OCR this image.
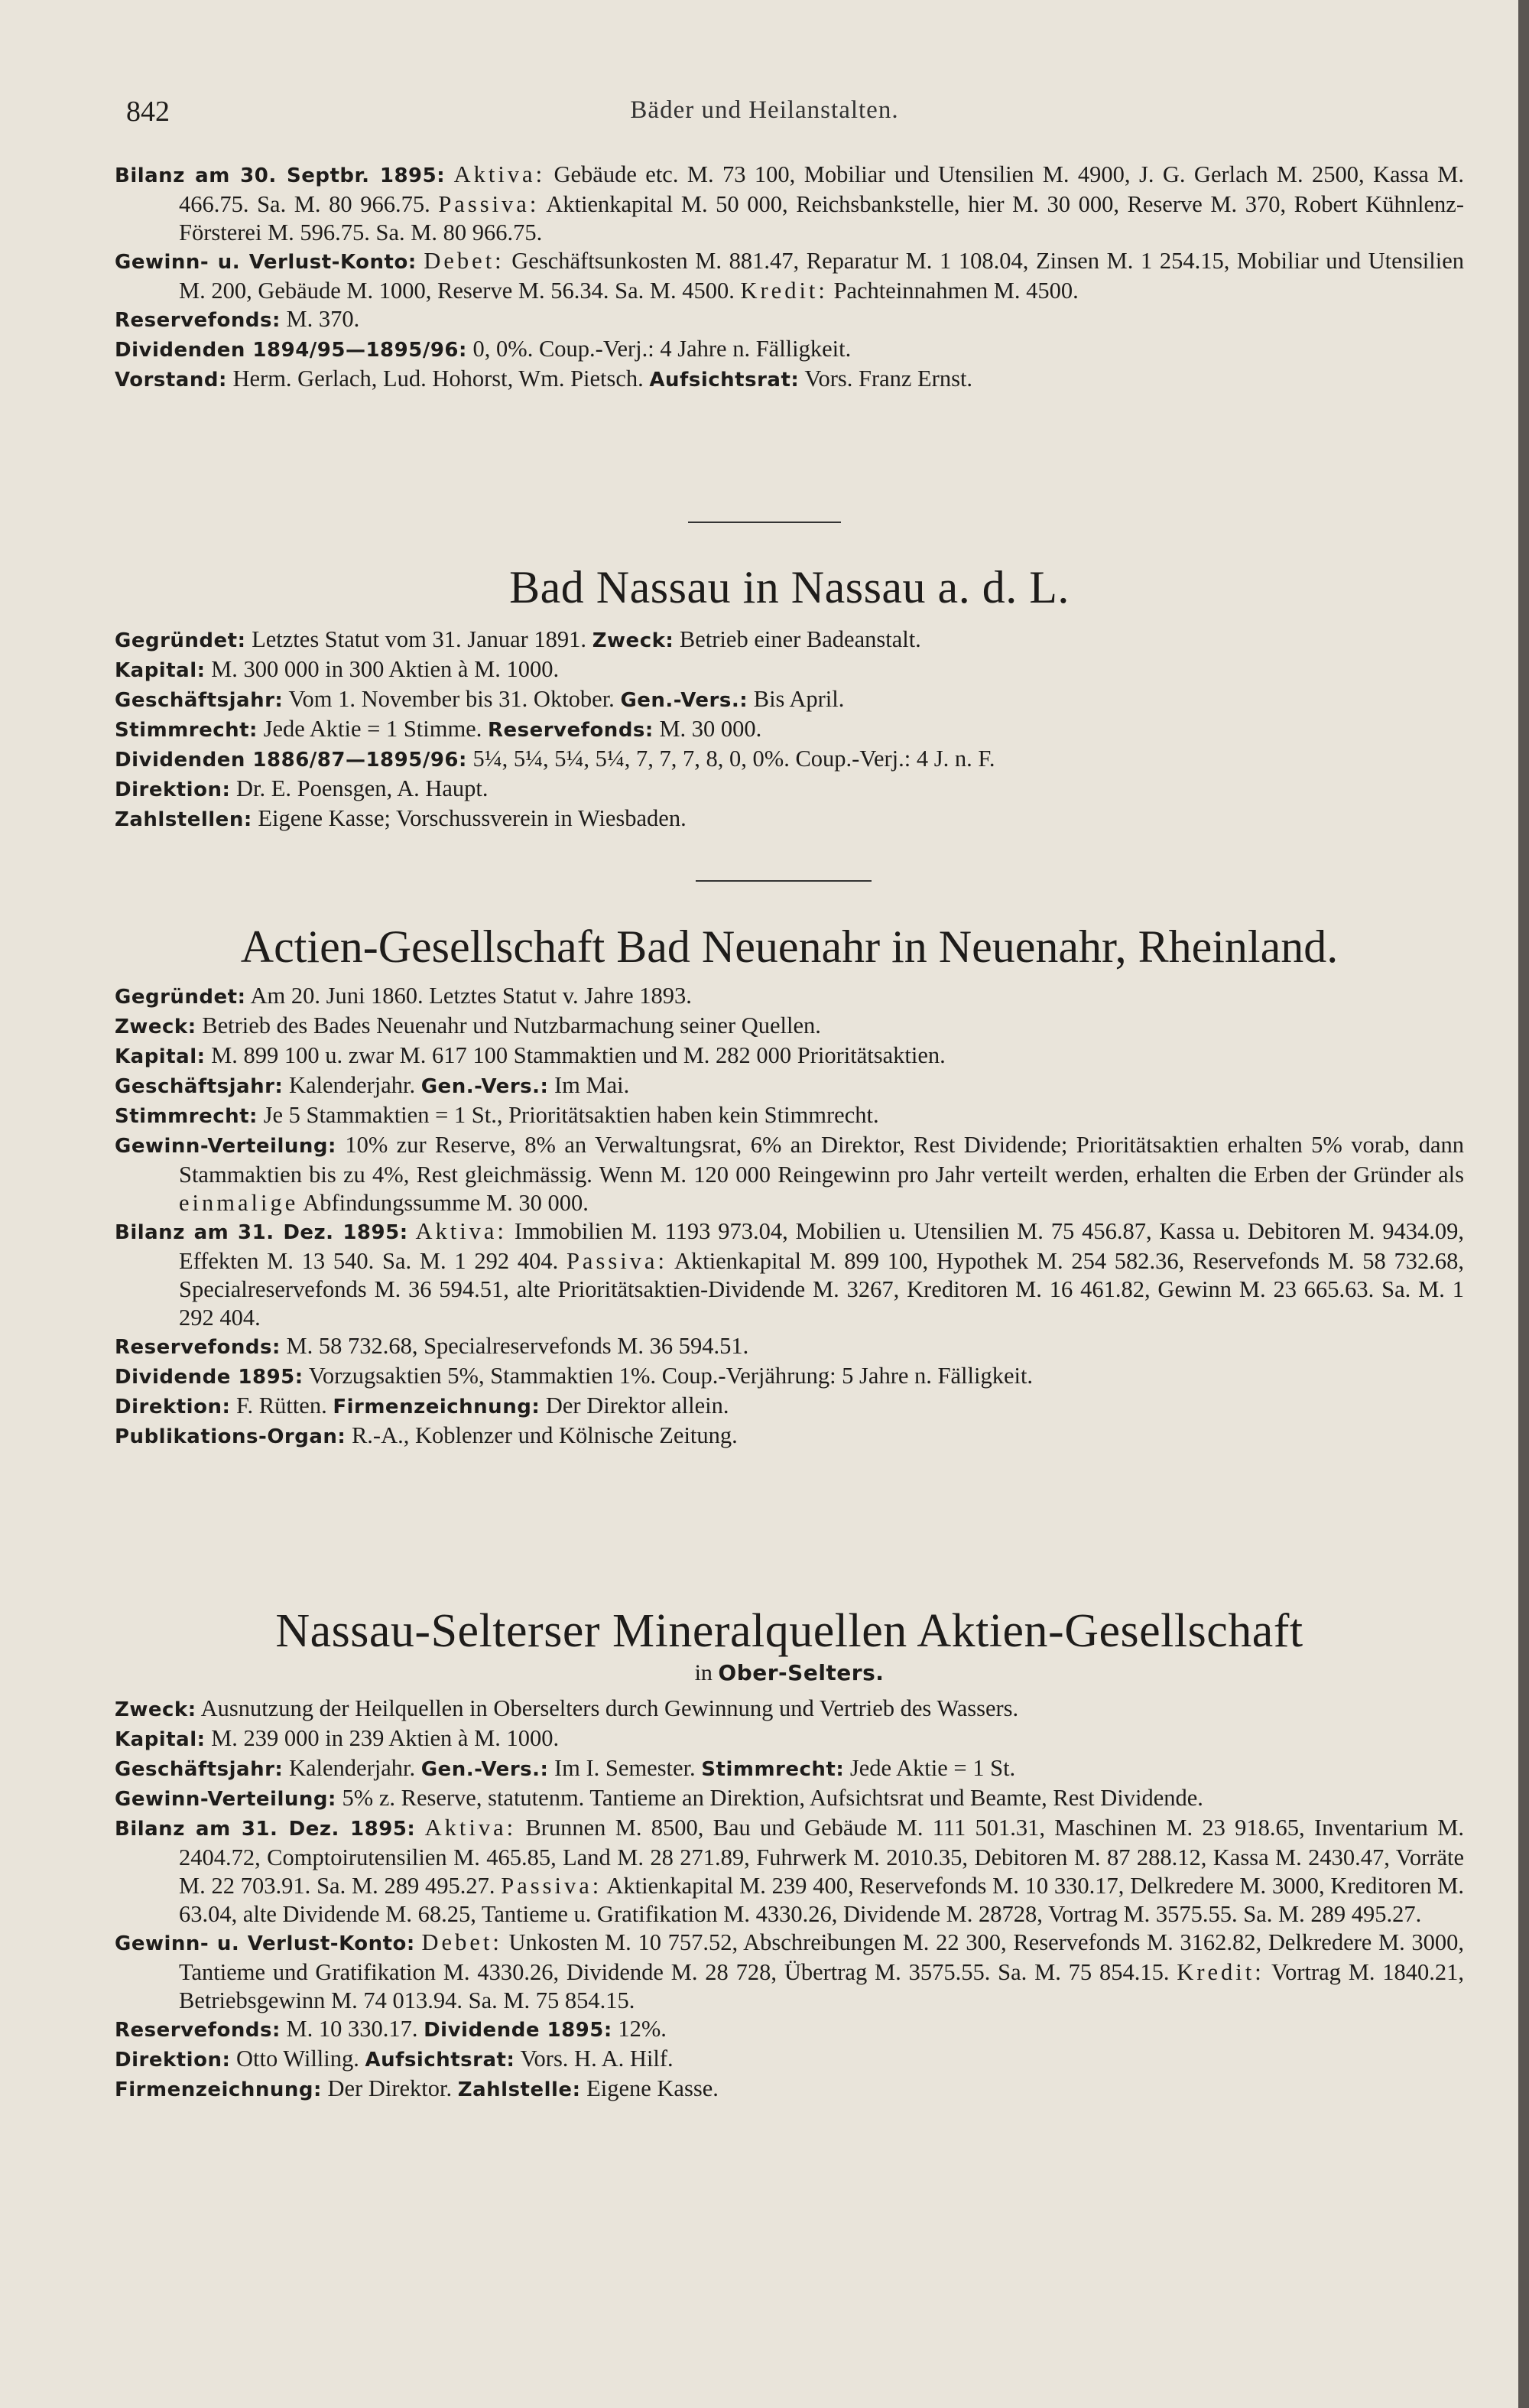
842	Bäder und Heilanstalten.

Bilanz am 30. Septbr. 1895: Aktiva: Gebäude etc. M. 73 100, Mobiliar und Utensilien M. 4900, J. G. Gerlach M. 2500, Kassa M. 466.75. Sa. M. 80 966.75. Passiva: Aktienkapital M. 50 000, Reichsbankstelle, hier M. 30 000, Reserve M. 370, Robert Kühnlenz-Försterei M. 596.75. Sa. M. 80 966.75.

Gewinn- u. Verlust-Konto: Debet: Geschäftsunkosten M. 881.47, Reparatur M. 1 108.04, Zinsen M. 1 254.15, Mobiliar und Utensilien M. 200, Gebäude M. 1000, Reserve M. 56.34. Sa. M. 4500. Kredit: Pachteinnahmen M. 4500.

Reservefonds: M. 370.

Dividenden 1894/95—1895/96: 0, 0%. Coup.-Verj.: 4 Jahre n. Fälligkeit.

Vorstand: Herm. Gerlach, Lud. Hohorst, Wm. Pietsch. Aufsichtsrat: Vors. Franz Ernst.

Bad Nassau in Nassau a. d. L.

Gegründet: Letztes Statut vom 31. Januar 1891. Zweck: Betrieb einer Badeanstalt.

Kapital: M. 300 000 in 300 Aktien à M. 1000.

Geschäftsjahr: Vom 1. November bis 31. Oktober. Gen.-Vers.: Bis April.

Stimmrecht: Jede Aktie = 1 Stimme. Reservefonds: M. 30 000.

Dividenden 1886/87—1895/96: 5¼, 5¼, 5¼, 5¼, 7, 7, 7, 8, 0, 0%. Coup.-Verj.: 4 J. n. F.

Direktion: Dr. E. Poensgen, A. Haupt.

Zahlstellen: Eigene Kasse; Vorschussverein in Wiesbaden.

Actien-Gesellschaft Bad Neuenahr in Neuenahr, Rheinland.

Gegründet: Am 20. Juni 1860. Letztes Statut v. Jahre 1893.

Zweck: Betrieb des Bades Neuenahr und Nutzbarmachung seiner Quellen.

Kapital: M. 899 100 u. zwar M. 617 100 Stammaktien und M. 282 000 Prioritätsaktien.

Geschäftsjahr: Kalenderjahr. Gen.-Vers.: Im Mai.

Stimmrecht: Je 5 Stammaktien = 1 St., Prioritätsaktien haben kein Stimmrecht.

Gewinn-Verteilung: 10% zur Reserve, 8% an Verwaltungsrat, 6% an Direktor, Rest Dividende; Prioritätsaktien erhalten 5% vorab, dann Stammaktien bis zu 4%, Rest gleichmässig. Wenn M. 120 000 Reingewinn pro Jahr verteilt werden, erhalten die Erben der Gründer als einmalige Abfindungssumme M. 30 000.

Bilanz am 31. Dez. 1895: Aktiva: Immobilien M. 1193 973.04, Mobilien u. Utensilien M. 75 456.87, Kassa u. Debitoren M. 9434.09, Effekten M. 13 540. Sa. M. 1 292 404. Passiva: Aktienkapital M. 899 100, Hypothek M. 254 582.36, Reservefonds M. 58 732.68, Specialreservefonds M. 36 594.51, alte Prioritätsaktien-Dividende M. 3267, Kreditoren M. 16 461.82, Gewinn M. 23 665.63. Sa. M. 1 292 404.

Reservefonds: M. 58 732.68, Specialreservefonds M. 36 594.51.

Dividende 1895: Vorzugsaktien 5%, Stammaktien 1%. Coup.-Verjährung: 5 Jahre n. Fälligkeit.

Direktion: F. Rütten. Firmenzeichnung: Der Direktor allein.

Publikations-Organ: R.-A., Koblenzer und Kölnische Zeitung.

Nassau-Selterser Mineralquellen Aktien-Gesellschaft

in Ober-Selters.

Zweck: Ausnutzung der Heilquellen in Oberselters durch Gewinnung und Vertrieb des Wassers.

Kapital: M. 239 000 in 239 Aktien à M. 1000.

Geschäftsjahr: Kalenderjahr. Gen.-Vers.: Im I. Semester. Stimmrecht: Jede Aktie = 1 St.

Gewinn-Verteilung: 5% z. Reserve, statutenm. Tantieme an Direktion, Aufsichtsrat und Beamte, Rest Dividende.

Bilanz am 31. Dez. 1895: Aktiva: Brunnen M. 8500, Bau und Gebäude M. 111 501.31, Maschinen M. 23 918.65, Inventarium M. 2404.72, Comptoirutensilien M. 465.85, Land M. 28 271.89, Fuhrwerk M. 2010.35, Debitoren M. 87 288.12, Kassa M. 2430.47, Vorräte M. 22 703.91. Sa. M. 289 495.27. Passiva: Aktienkapital M. 239 400, Reservefonds M. 10 330.17, Delkredere M. 3000, Kreditoren M. 63.04, alte Dividende M. 68.25, Tantieme u. Gratifikation M. 4330.26, Dividende M. 28728, Vortrag M. 3575.55. Sa. M. 289 495.27.

Gewinn- u. Verlust-Konto: Debet: Unkosten M. 10 757.52, Abschreibungen M. 22 300, Reservefonds M. 3162.82, Delkredere M. 3000, Tantieme und Gratifikation M. 4330.26, Dividende M. 28 728, Übertrag M. 3575.55. Sa. M. 75 854.15. Kredit: Vortrag M. 1840.21, Betriebsgewinn M. 74 013.94. Sa. M. 75 854.15.

Reservefonds: M. 10 330.17. Dividende 1895: 12%.

Direktion: Otto Willing. Aufsichtsrat: Vors. H. A. Hilf.

Firmenzeichnung: Der Direktor. Zahlstelle: Eigene Kasse.
